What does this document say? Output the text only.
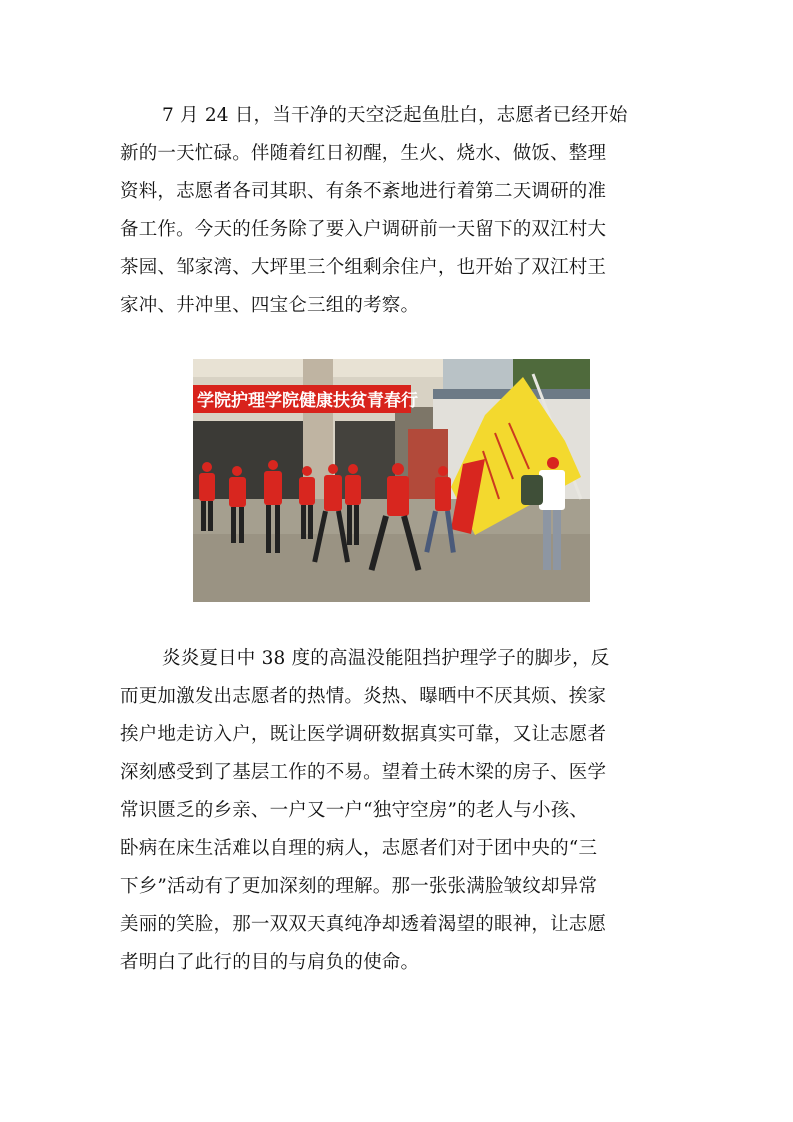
7 月 24 日，当干净的天空泛起鱼肚白，志愿者已经开始
新的一天忙碌。伴随着红日初醒，生火、烧水、做饭、整理
资料，志愿者各司其职、有条不紊地进行着第二天调研的准
备工作。今天的任务除了要入户调研前一天留下的双江村大
茶园、邹家湾、大坪里三个组剩余住户，也开始了双江村王
家冲、井冲里、四宝仑三组的考察。
学院护理学院健康扶贫青春行
炎炎夏日中 38 度的高温没能阻挡护理学子的脚步，反
而更加激发出志愿者的热情。炎热、曝晒中不厌其烦、挨家
挨户地走访入户，既让医学调研数据真实可靠，又让志愿者
深刻感受到了基层工作的不易。望着土砖木梁的房子、医学
常识匮乏的乡亲、一户又一户“独守空房”的老人与小孩、
卧病在床生活难以自理的病人，志愿者们对于团中央的“三
下乡”活动有了更加深刻的理解。那一张张满脸皱纹却异常
美丽的笑脸，那一双双天真纯净却透着渴望的眼神，让志愿
者明白了此行的目的与肩负的使命。
